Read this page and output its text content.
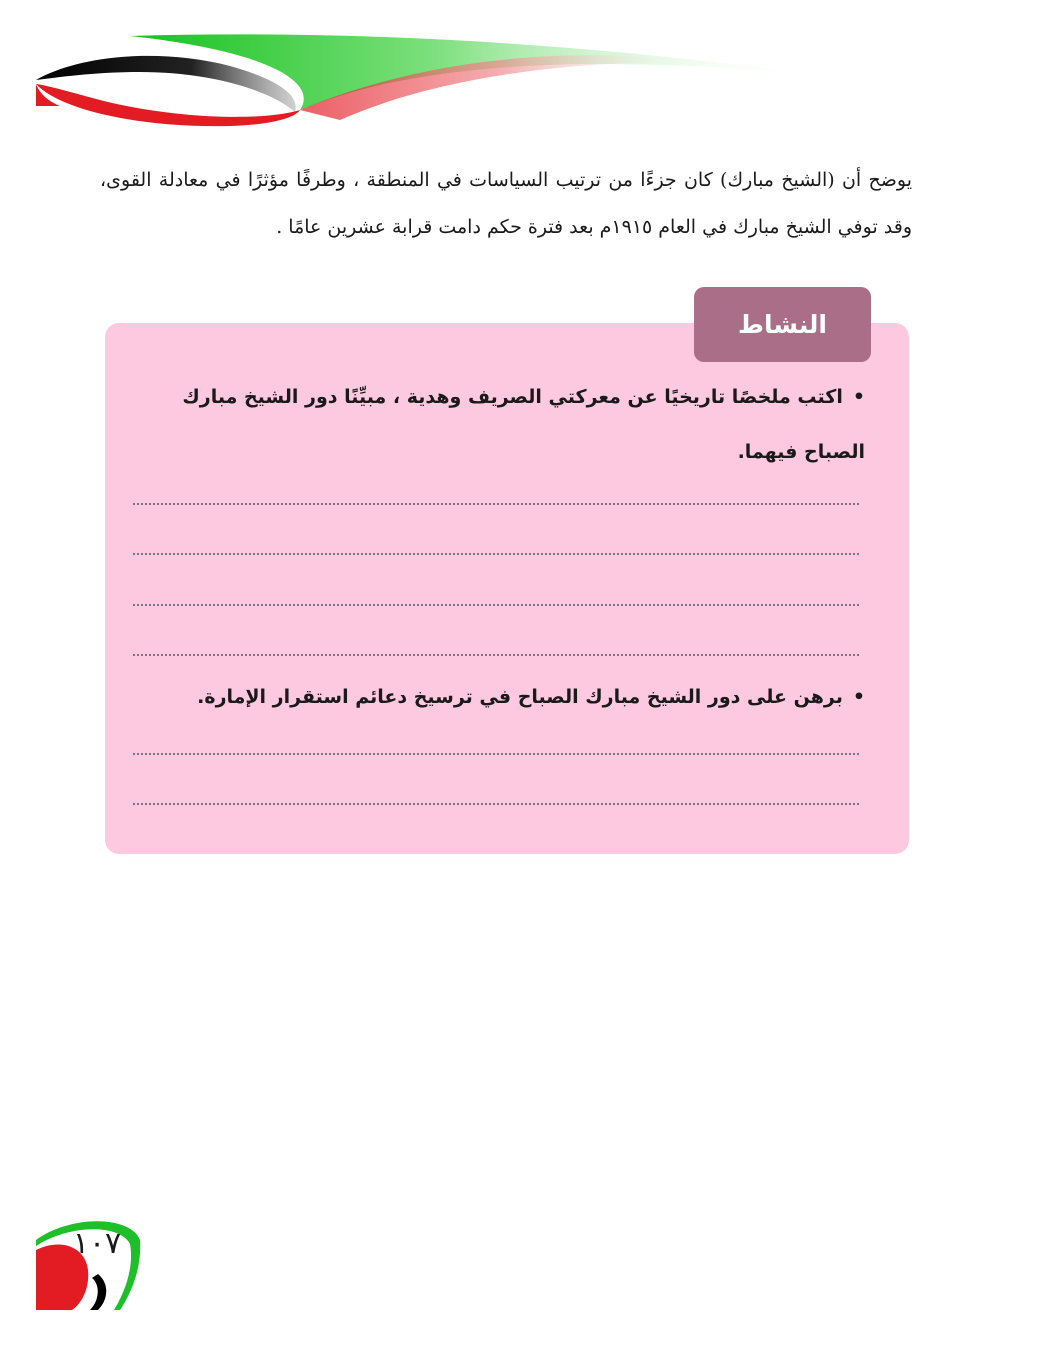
يوضح أن (الشيخ مبارك) كان جزءًا من ترتيب السياسات في المنطقة ، وطرفًا مؤثرًا في معادلة القوى، وقد توفي الشيخ مبارك في العام ١٩١٥م بعد فترة حكم دامت قرابة عشرين عامًا .
النشاط
•اكتب ملخصًا تاريخيًا عن معركتي الصريف وهدية ، مبيِّنًا دور الشيخ مبارك الصباح فيهما.
•برهن على دور الشيخ مبارك الصباح في ترسيخ دعائم استقرار الإمارة.
١٠٧
